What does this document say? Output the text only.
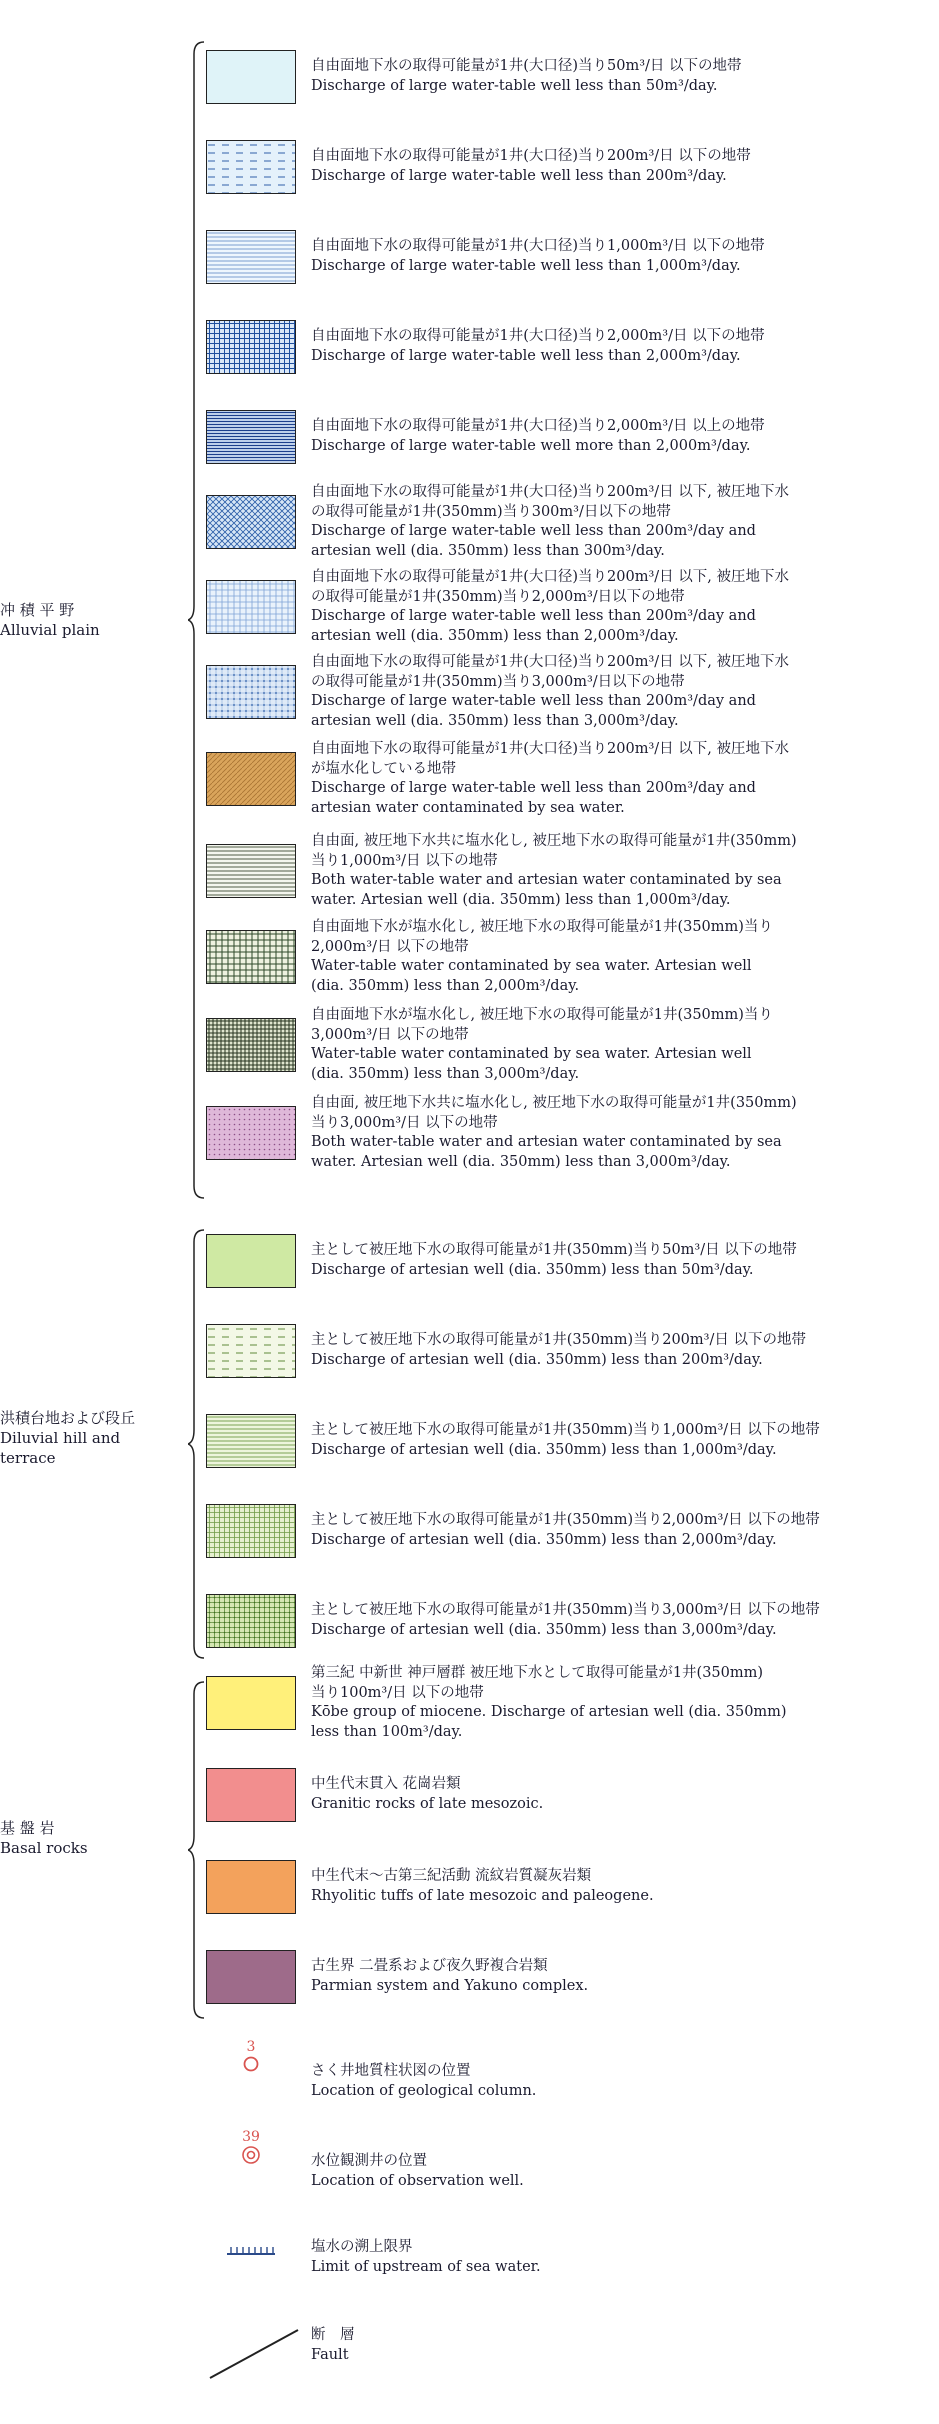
冲 積 平 野
Alluvial plain
洪積台地および段丘
Diluvial hill and
terrace
基 盤 岩
Basal rocks
自由面地下水の取得可能量が1井(大口径)当り50m³/日 以下の地帯
Discharge of large water-table well less than 50m³/day.
自由面地下水の取得可能量が1井(大口径)当り200m³/日 以下の地帯
Discharge of large water-table well less than 200m³/day.
自由面地下水の取得可能量が1井(大口径)当り1,000m³/日 以下の地帯
Discharge of large water-table well less than 1,000m³/day.
自由面地下水の取得可能量が1井(大口径)当り2,000m³/日 以下の地帯
Discharge of large water-table well less than 2,000m³/day.
自由面地下水の取得可能量が1井(大口径)当り2,000m³/日 以上の地帯
Discharge of large water-table well more than 2,000m³/day.
自由面地下水の取得可能量が1井(大口径)当り200m³/日 以下, 被圧地下水
の取得可能量が1井(350mm)当り300m³/日以下の地帯
Discharge of large water-table well less than 200m³/day and
artesian well (dia. 350mm) less than 300m³/day.
自由面地下水の取得可能量が1井(大口径)当り200m³/日 以下, 被圧地下水
の取得可能量が1井(350mm)当り2,000m³/日以下の地帯
Discharge of large water-table well less than 200m³/day and
artesian well (dia. 350mm) less than 2,000m³/day.
自由面地下水の取得可能量が1井(大口径)当り200m³/日 以下, 被圧地下水
の取得可能量が1井(350mm)当り3,000m³/日以下の地帯
Discharge of large water-table well less than 200m³/day and
artesian well (dia. 350mm) less than 3,000m³/day.
自由面地下水の取得可能量が1井(大口径)当り200m³/日 以下, 被圧地下水
が塩水化している地帯
Discharge of large water-table well less than 200m³/day and
artesian water contaminated by sea water.
自由面, 被圧地下水共に塩水化し, 被圧地下水の取得可能量が1井(350mm)
当り1,000m³/日 以下の地帯
Both water-table water and artesian water contaminated by sea
water. Artesian well (dia. 350mm) less than 1,000m³/day.
自由面地下水が塩水化し, 被圧地下水の取得可能量が1井(350mm)当り
2,000m³/日 以下の地帯
Water-table water contaminated by sea water. Artesian well
(dia. 350mm) less than 2,000m³/day.
自由面地下水が塩水化し, 被圧地下水の取得可能量が1井(350mm)当り
3,000m³/日 以下の地帯
Water-table water contaminated by sea water. Artesian well
(dia. 350mm) less than 3,000m³/day.
自由面, 被圧地下水共に塩水化し, 被圧地下水の取得可能量が1井(350mm)
当り3,000m³/日 以下の地帯
Both water-table water and artesian water contaminated by sea
water. Artesian well (dia. 350mm) less than 3,000m³/day.
主として被圧地下水の取得可能量が1井(350mm)当り50m³/日 以下の地帯
Discharge of artesian well (dia. 350mm) less than 50m³/day.
主として被圧地下水の取得可能量が1井(350mm)当り200m³/日 以下の地帯
Discharge of artesian well (dia. 350mm) less than 200m³/day.
主として被圧地下水の取得可能量が1井(350mm)当り1,000m³/日 以下の地帯
Discharge of artesian well (dia. 350mm) less than 1,000m³/day.
主として被圧地下水の取得可能量が1井(350mm)当り2,000m³/日 以下の地帯
Discharge of artesian well (dia. 350mm) less than 2,000m³/day.
主として被圧地下水の取得可能量が1井(350mm)当り3,000m³/日 以下の地帯
Discharge of artesian well (dia. 350mm) less than 3,000m³/day.
第三紀 中新世 神戸層群 被圧地下水として取得可能量が1井(350mm)
当り100m³/日 以下の地帯
Kōbe group of miocene. Discharge of artesian well (dia. 350mm)
less than 100m³/day.
中生代末貫入 花崗岩類
Granitic rocks of late mesozoic.
中生代末～古第三紀活動 流紋岩質凝灰岩類
Rhyolitic tuffs of late mesozoic and paleogene.
古生界 二畳系および夜久野複合岩類
Parmian system and Yakuno complex.
3
さく井地質柱状図の位置
Location of geological column.
39
水位観測井の位置
Location of observation well.
塩水の溯上限界
Limit of upstream of sea water.
断　層
Fault
